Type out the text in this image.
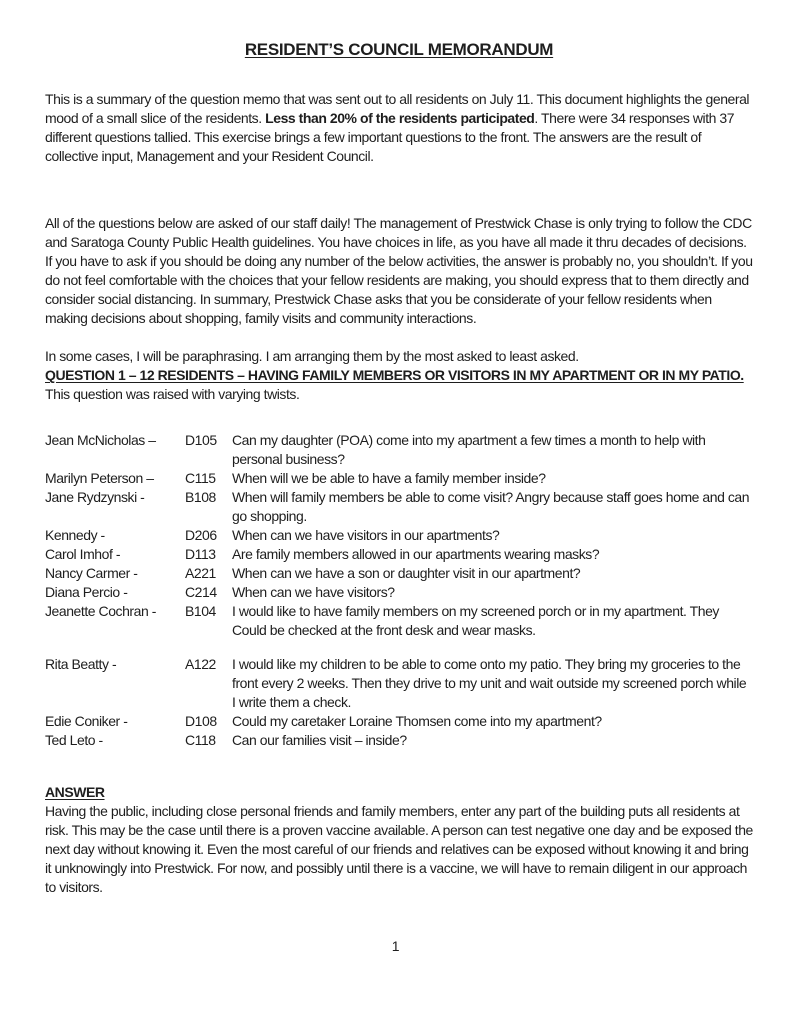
RESIDENT’S COUNCIL MEMORANDUM

This is a summary of the question memo that was sent out to all residents on July 11. This document highlights the general mood of a small slice of the residents. Less than 20% of the residents participated. There were 34 responses with 37 different questions tallied. This exercise brings a few important questions to the front. The answers are the result of collective input, Management and your Resident Council.

All of the questions below are asked of our staff daily! The management of Prestwick Chase is only trying to follow the CDC and Saratoga County Public Health guidelines. You have choices in life, as you have all made it thru decades of decisions. If you have to ask if you should be doing any number of the below activities, the answer is probably no, you shouldn’t. If you do not feel comfortable with the choices that your fellow residents are making, you should express that to them directly and consider social distancing. In summary, Prestwick Chase asks that you be considerate of your fellow residents when making decisions about shopping, family visits and community interactions.

In some cases, I will be paraphrasing. I am arranging them by the most asked to least asked.

QUESTION 1 – 12 RESIDENTS – HAVING FAMILY MEMBERS OR VISITORS IN MY APARTMENT OR IN MY PATIO.

This question was raised with varying twists.

Jean McNicholas –	D105	Can my daughter (POA) come into my apartment a few times a month to help with personal business?
Marilyn Peterson –	C115	When will we be able to have a family member inside?
Jane Rydzynski -	B108	When will family members be able to come visit? Angry because staff goes home and can go shopping.
Kennedy -	D206	When can we have visitors in our apartments?
Carol Imhof -	D113	Are family members allowed in our apartments wearing masks?
Nancy Carmer -	A221	When can we have a son or daughter visit in our apartment?
Diana Percio -	C214	When can we have visitors?
Jeanette Cochran -	B104	I would like to have family members on my screened porch or in my apartment. They Could be checked at the front desk and wear masks.
Rita Beatty -	A122	I would like my children to be able to come onto my patio. They bring my groceries to the front every 2 weeks. Then they drive to my unit and wait outside my screened porch while I write them a check.
Edie Coniker -	D108	Could my caretaker Loraine Thomsen come into my apartment?
Ted Leto -	C118	Can our families visit – inside?
ANSWER

Having the public, including close personal friends and family members, enter any part of the building puts all residents at risk. This may be the case until there is a proven vaccine available. A person can test negative one day and be exposed the next day without knowing it. Even the most careful of our friends and relatives can be exposed without knowing it and bring it unknowingly into Prestwick. For now, and possibly until there is a vaccine, we will have to remain diligent in our approach to visitors.

1
